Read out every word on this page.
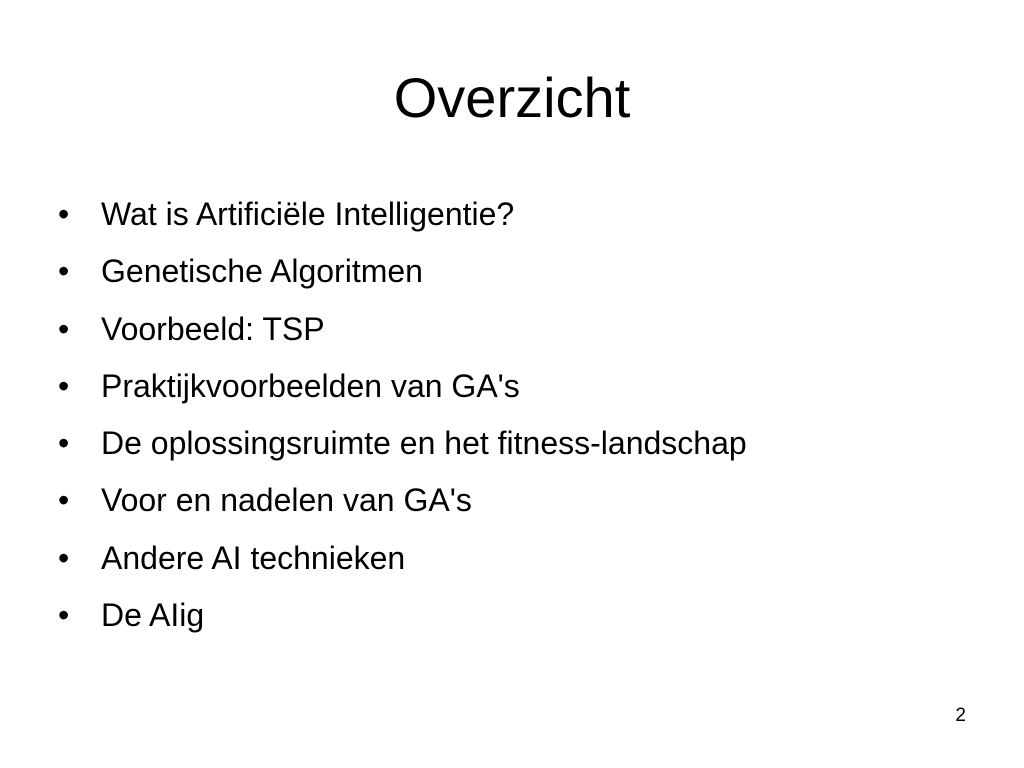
Overzicht
• Wat is Artificiële Intelligentie?
• Genetische Algoritmen
• Voorbeeld: TSP
• Praktijkvoorbeelden van GA's
• De oplossingsruimte en het fitness-landschap
• Voor en nadelen van GA's
• Andere AI technieken
• De AIig
2
